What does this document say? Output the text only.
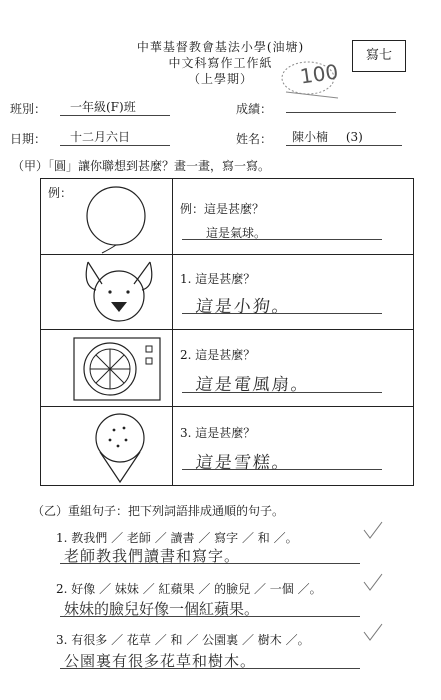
中華基督教會基法小學(油塘)
中文科寫作工作紙
（上學期）
寫七
100
班別：	一年級(F)班	成績：
日期：	十二月六日	姓名：	陳小楠 (3)
（甲）「圓」讓你聯想到甚麼？畫一畫，寫一寫。
例：
例：這是甚麼？
這是氣球。
1. 這是甚麼？
這是小狗。
2. 這是甚麼？
這是電風扇。
3. 這是甚麼？
這是雪糕。
（乙）重組句子：把下列詞語排成通順的句子。
1. 教我們 ／ 老師 ／ 讀書 ／ 寫字 ／ 和 ／。
老師教我們讀書和寫字。
2. 好像 ／ 妹妹 ／ 紅蘋果 ／ 的臉兒 ／ 一個 ／。
妹妹的臉兒好像一個紅蘋果。
3. 有很多 ／ 花草 ／ 和 ／ 公園裏 ／ 樹木 ／。
公園裏有很多花草和樹木。
